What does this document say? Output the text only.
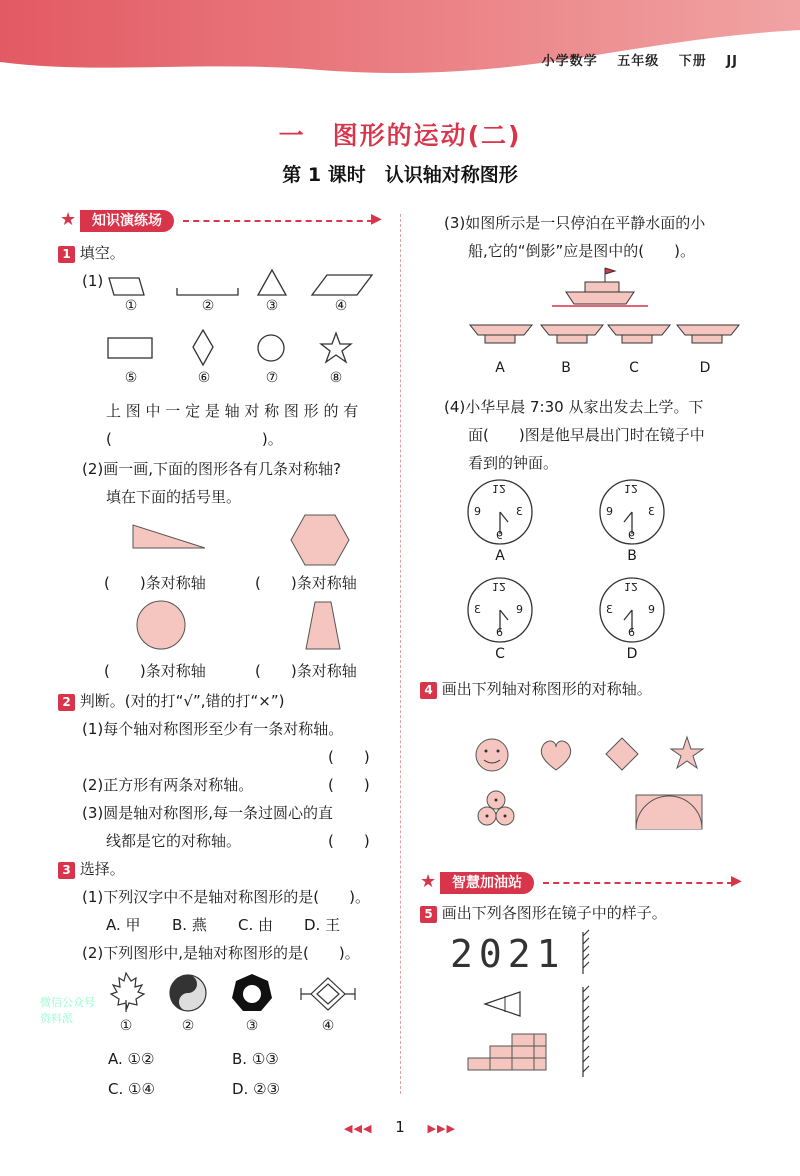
小学数学　 五年级　 下册　 JJ
一　图形的运动(二)
第 1 课时　认识轴对称图形
★	知识演练场	▶
1 填空。
(1)
①	②	③	④
⑤	⑥	⑦	⑧
上 图 中 一 定 是 轴 对 称 图 形 的 有
(　　　　　　　　　　)。
(2)画一画,下面的图形各有几条对称轴?
填在下面的括号里。
(　　)条对称轴	(　　)条对称轴
(　　)条对称轴	(　　)条对称轴
2 判断。(对的打“√”,错的打“×”)
(1)每个轴对称图形至少有一条对称轴。
(　　)
(2)正方形有两条对称轴。	(　　)
(3)圆是轴对称图形,每一条过圆心的直
线都是它的对称轴。	(　　)
3 选择。
(1)下列汉字中不是轴对称图形的是(　　)。
A. 甲 B. 燕 C. 由 D. 王
(2)下列图形中,是轴对称图形的是(　　)。
①	②	③	④
A. ①②	B. ①③
C. ①④	D. ②③
微信公众号
资料派
(3)如图所示是一只停泊在平静水面的小
船,它的“倒影”应是图中的(　　)。
A	B	C	D
(4)小华早晨 7:30 从家出发去上学。下
面(　　)图是他早晨出门时在镜子中
看到的钟面。
12
3
6
9
12
3
6
9
12
3
6
9
12
3
6
9
A	B
C	D
4 画出下列轴对称图形的对称轴。
★	智慧加油站	▶
5 画出下列各图形在镜子中的样子。
2021
◀◀◀ 1 ▶▶▶
